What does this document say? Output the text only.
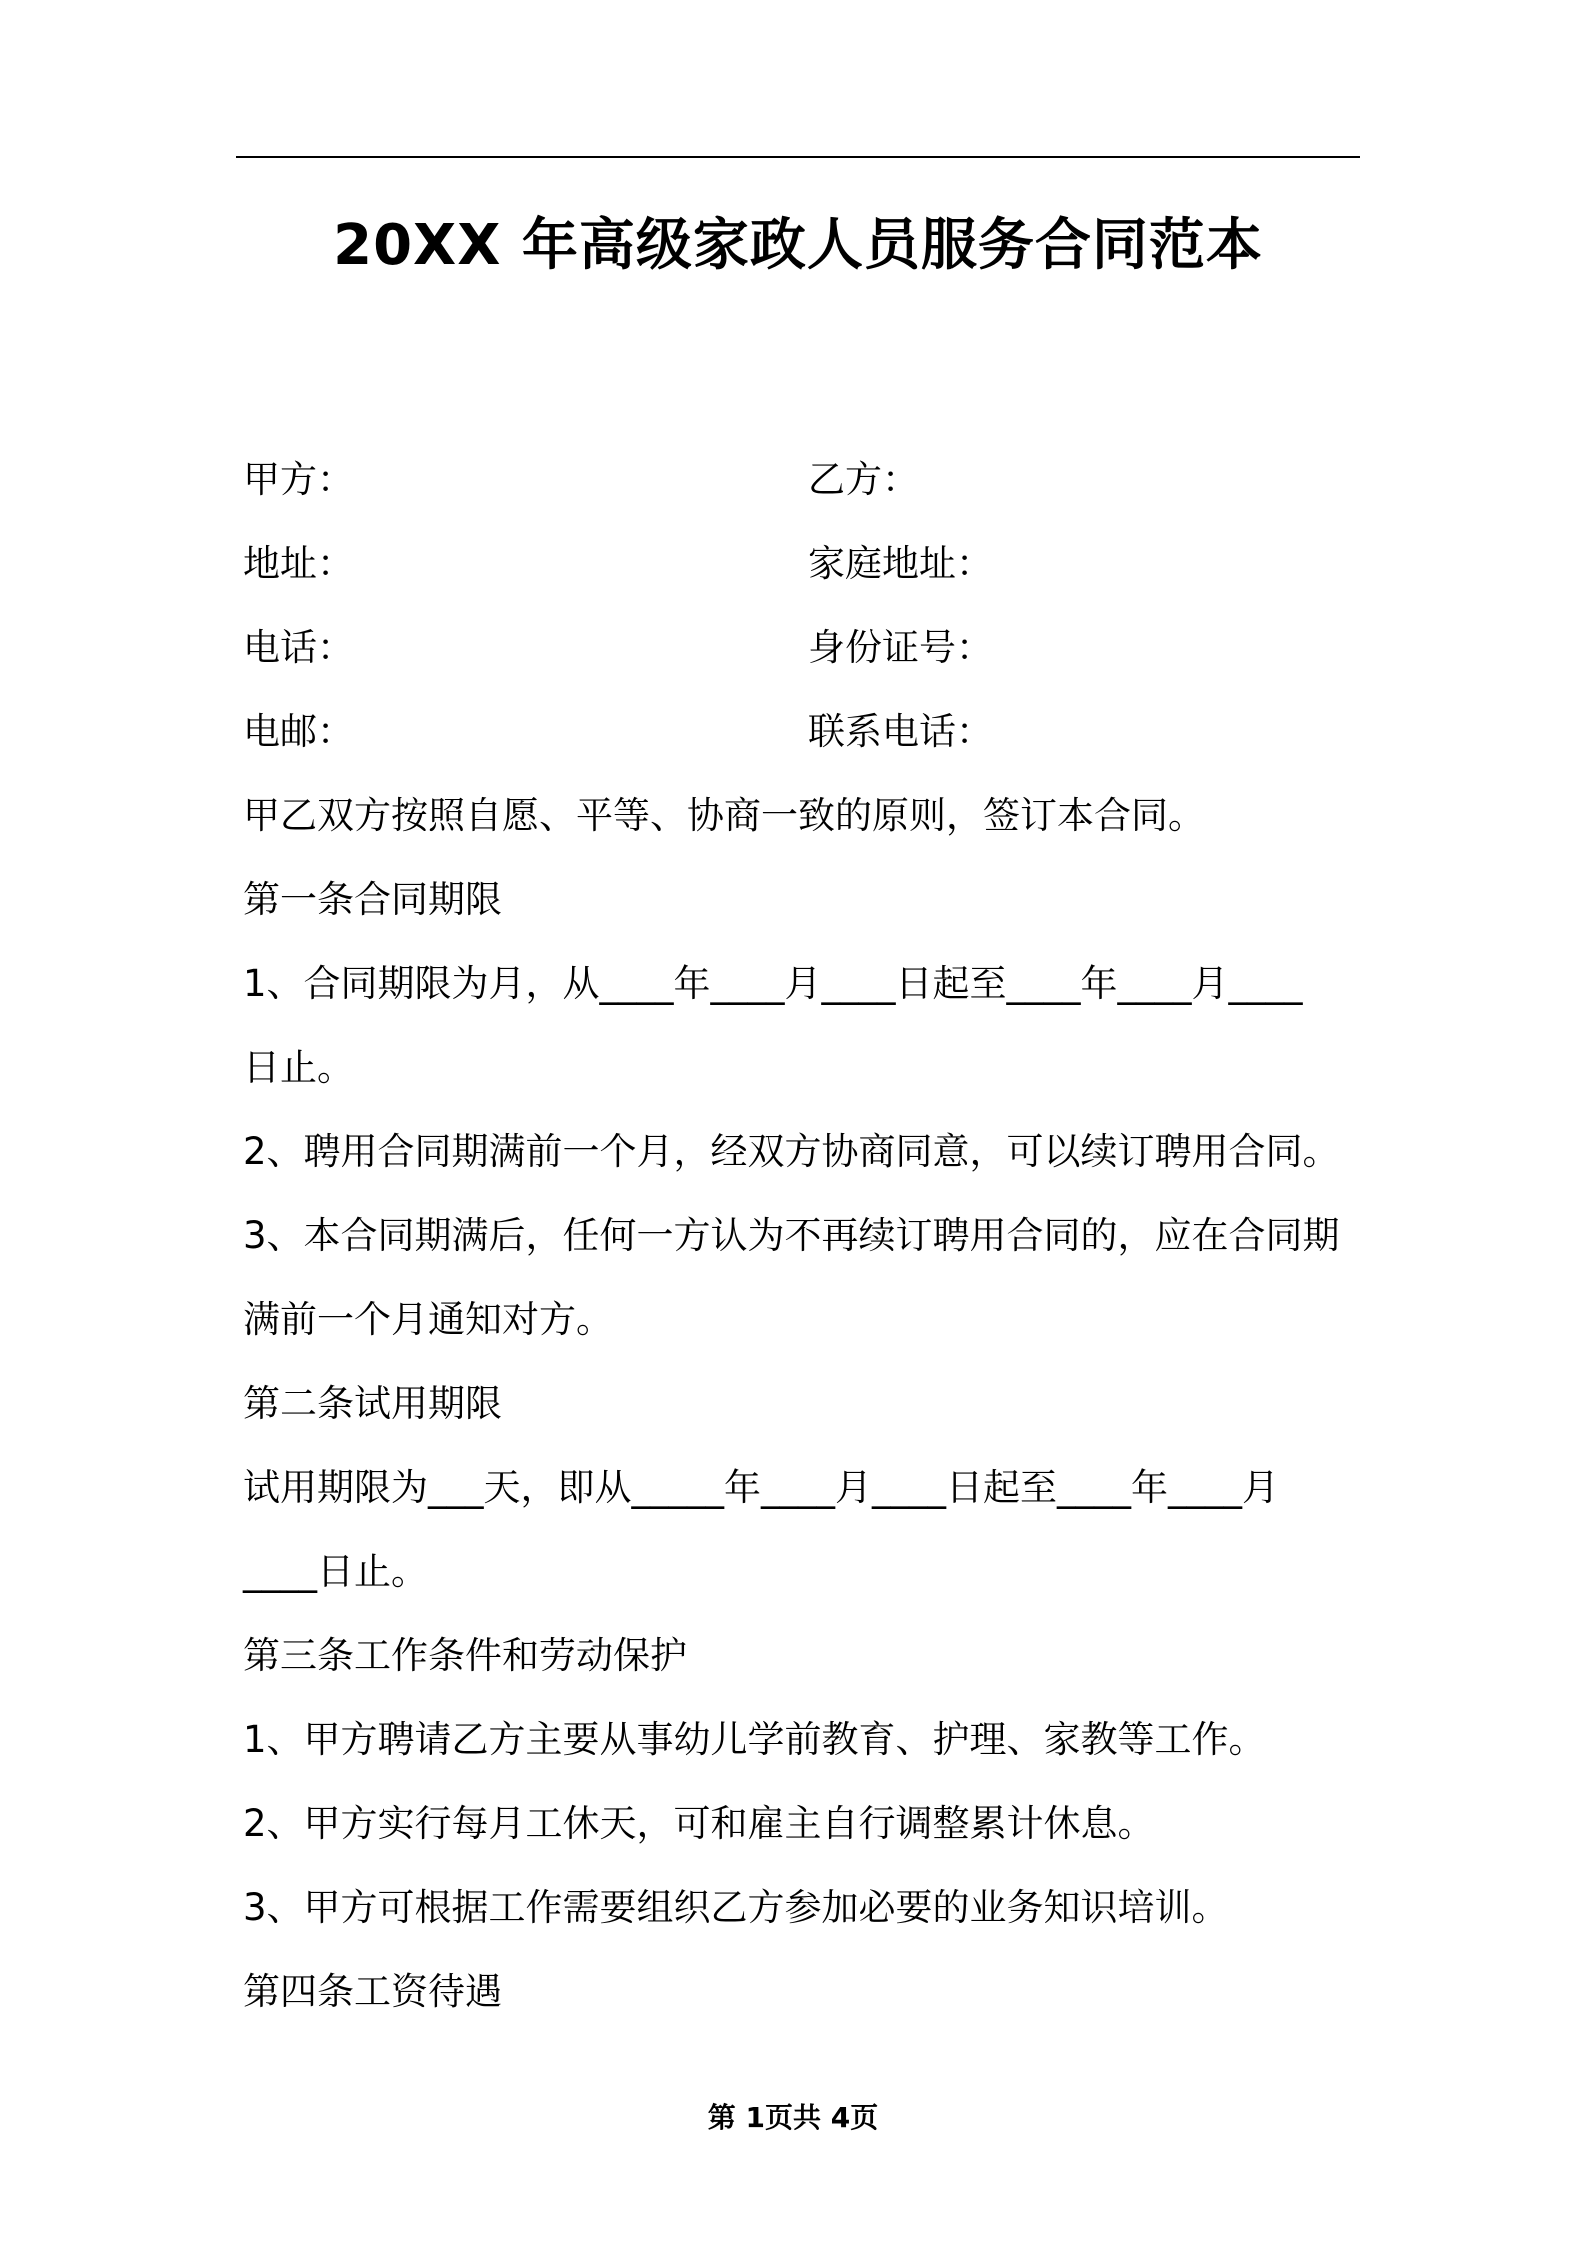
20XX 年高级家政人员服务合同范本
甲方：
地址：
电话：
电邮：
乙方：
家庭地址：
身份证号：
联系电话：
甲乙双方按照自愿、平等、协商一致的原则，签订本合同。
第一条合同期限
1、合同期限为月，从____年____月____日起至____年____月____
日止。
2、聘用合同期满前一个月，经双方协商同意，可以续订聘用合同。
3、本合同期满后，任何一方认为不再续订聘用合同的，应在合同期
满前一个月通知对方。
第二条试用期限
试用期限为___天，即从_____年____月____日起至____年____月
____日止。
第三条工作条件和劳动保护
1、甲方聘请乙方主要从事幼儿学前教育、护理、家教等工作。
2、甲方实行每月工休天，可和雇主自行调整累计休息。
3、甲方可根据工作需要组织乙方参加必要的业务知识培训。
第四条工资待遇
第 1页共 4页
